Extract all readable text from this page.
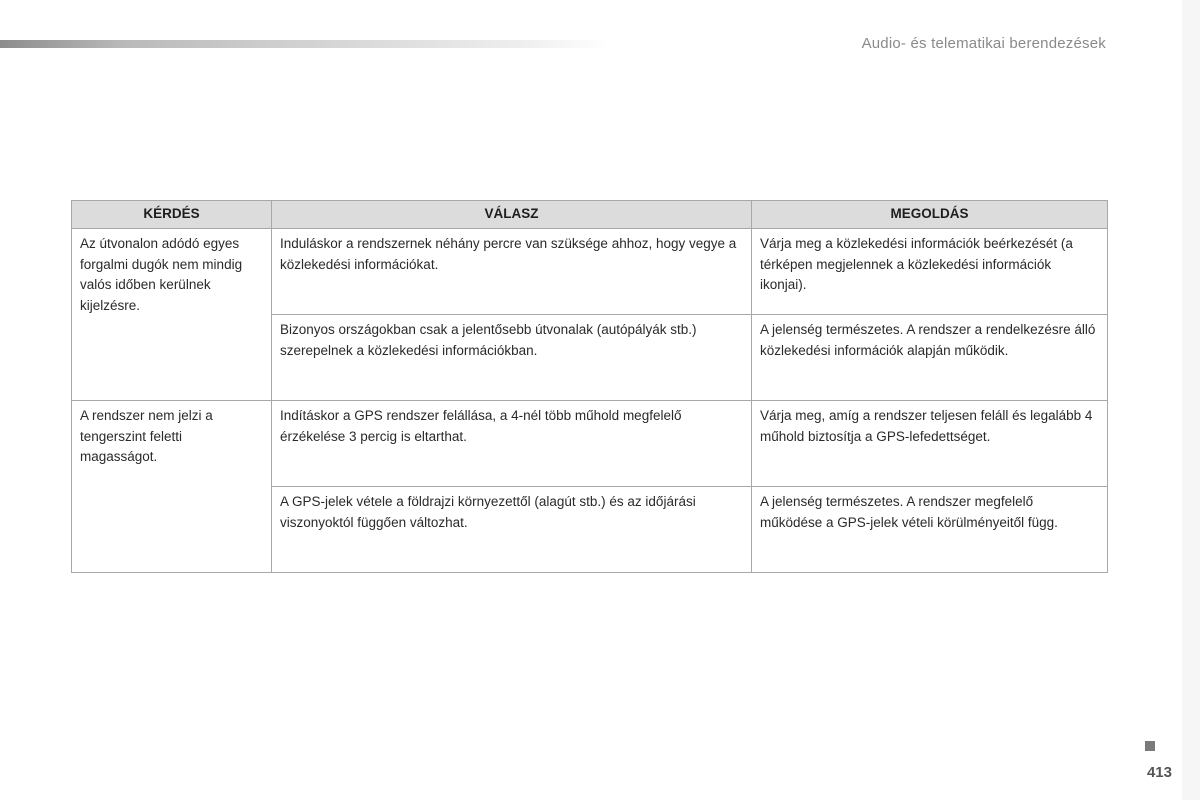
Audio- és telematikai berendezések
KÉRDÉS	VÁLASZ	MEGOLDÁS
Az útvonalon adódó egyes forgalmi dugók nem mindig valós időben kerülnek kijelzésre.	Induláskor a rendszernek néhány percre van szüksége ahhoz, hogy vegye a közlekedési információkat.	Várja meg a közlekedési információk beérkezését (a térképen megjelennek a közlekedési információk ikonjai).
	Bizonyos országokban csak a jelentősebb útvonalak (autópályák stb.) szerepelnek a közlekedési információkban.	A jelenség természetes. A rendszer a rendelkezésre álló közlekedési információk alapján működik.
A rendszer nem jelzi a tengerszint feletti magasságot.	Indításkor a GPS rendszer felállása, a 4-nél több műhold megfelelő érzékelése 3 percig is eltarthat.	Várja meg, amíg a rendszer teljesen feláll és legalább 4 műhold biztosítja a GPS-lefedettséget.
	A GPS-jelek vétele a földrajzi környezettől (alagút stb.) és az időjárási viszonyoktól függően változhat.	A jelenség természetes. A rendszer megfelelő működése a GPS-jelek vételi körülményeitől függ.
413
